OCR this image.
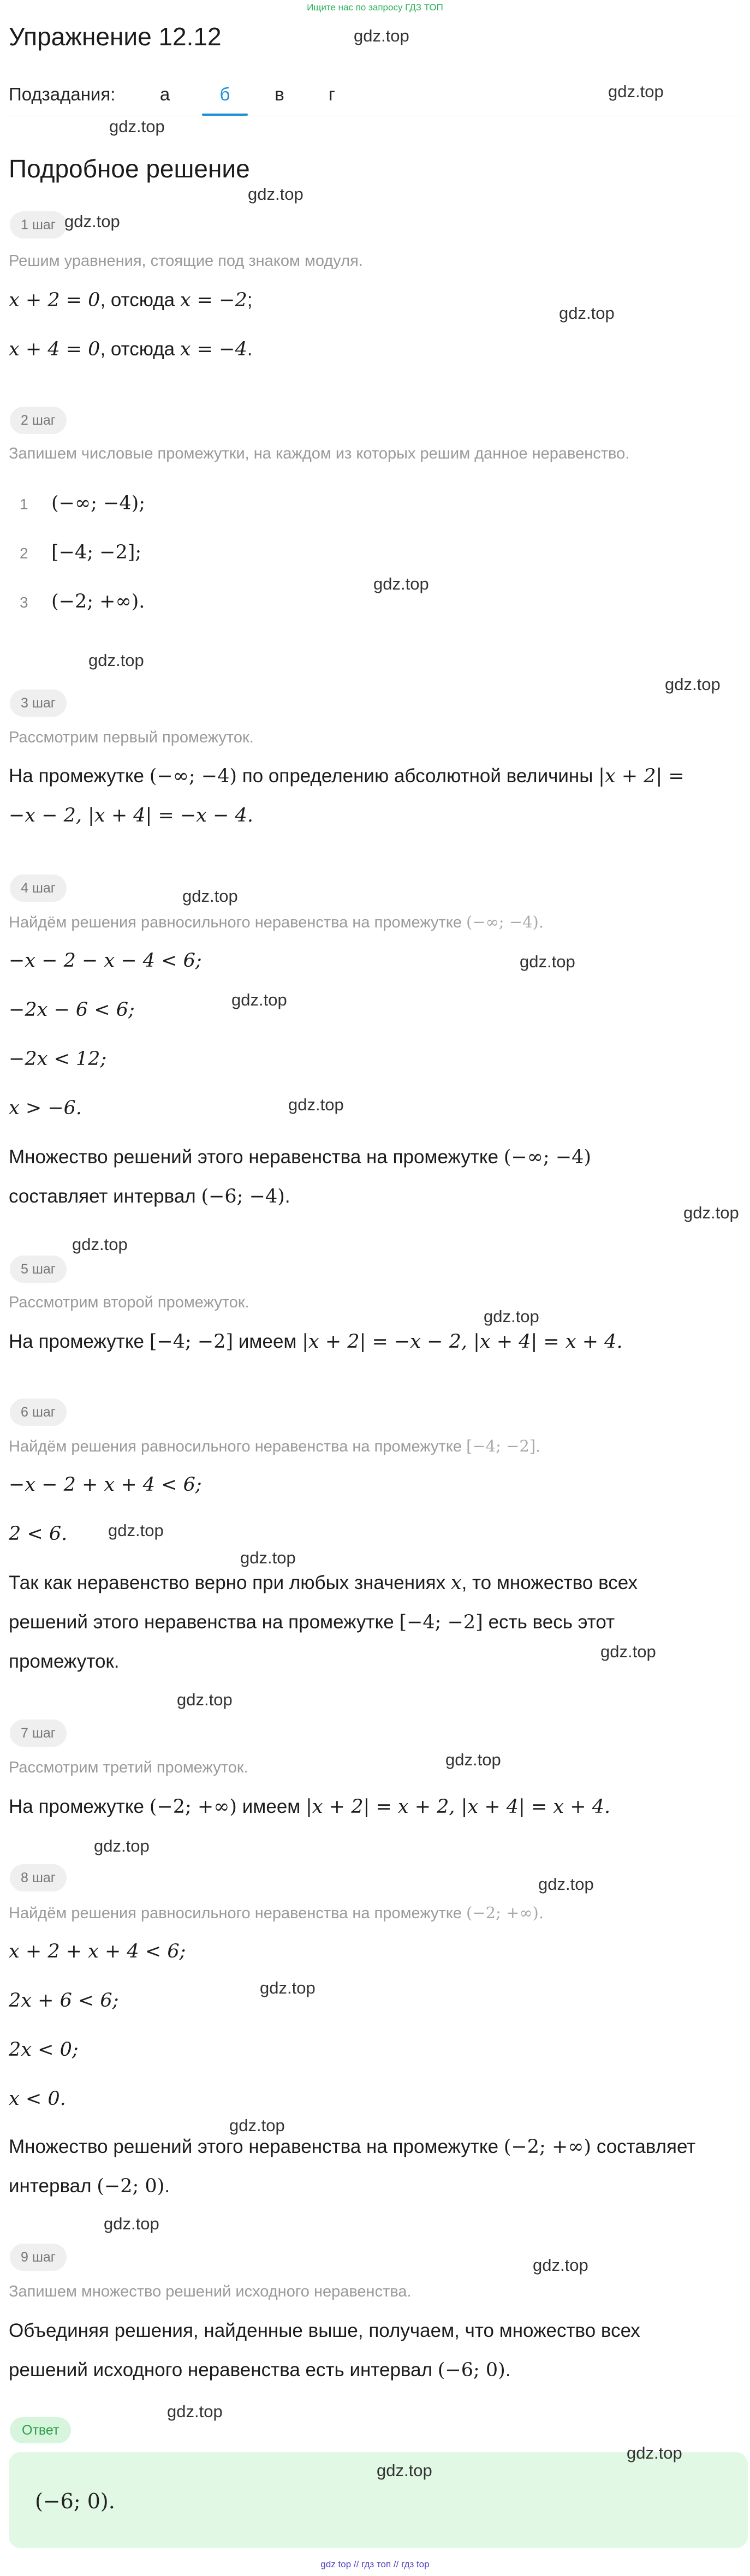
Ищите нас по запросу ГДЗ ТОП
Упражнение 12.12
Подзадания:	а	б	в	г
Подробное решение
1 шаг
Решим уравнения, стоящие под знаком модуля.
x + 2 = 0, отсюда x = −2;
x + 4 = 0, отсюда x = −4.
2 шаг
Запишем числовые промежутки, на каждом из которых решим данное неравенство.
1 (−∞; −4);
2 [−4; −2];
3 (−2; +∞).
3 шаг
Рассмотрим первый промежуток.
На промежутке (−∞; −4) по определению абсолютной величины |x + 2| =
−x − 2, |x + 4| = −x − 4.
4 шаг
Найдём решения равносильного неравенства на промежутке (−∞; −4).
−x − 2 − x − 4 < 6;
−2x − 6 < 6;
−2x < 12;
x > −6.
Множество решений этого неравенства на промежутке (−∞; −4)
составляет интервал (−6; −4).
5 шаг
Рассмотрим второй промежуток.
На промежутке [−4; −2] имеем |x + 2| = −x − 2, |x + 4| = x + 4.
6 шаг
Найдём решения равносильного неравенства на промежутке [−4; −2].
−x − 2 + x + 4 < 6;
2 < 6.
Так как неравенство верно при любых значениях x, то множество всех
решений этого неравенства на промежутке [−4; −2] есть весь этот
промежуток.
7 шаг
Рассмотрим третий промежуток.
На промежутке (−2; +∞) имеем |x + 2| = x + 2, |x + 4| = x + 4.
8 шаг
Найдём решения равносильного неравенства на промежутке (−2; +∞).
x + 2 + x + 4 < 6;
2x + 6 < 6;
2x < 0;
x < 0.
Множество решений этого неравенства на промежутке (−2; +∞) составляет
интервал (−2; 0).
9 шаг
Запишем множество решений исходного неравенства.
Объединяя решения, найденные выше, получаем, что множество всех
решений исходного неравенства есть интервал (−6; 0).
Ответ
(−6; 0).
gdz.top
gdz.top
gdz.top
gdz.top
gdz.top
gdz.top
gdz.top
gdz.top
gdz.top
gdz.top
gdz.top
gdz.top
gdz.top
gdz.top
gdz.top
gdz.top
gdz.top
gdz.top
gdz.top
gdz.top
gdz.top
gdz.top
gdz.top
gdz.top
gdz.top
gdz.top
gdz.top
gdz.top
gdz.top
gdz.top
gdz top // гдз топ // гдз top
